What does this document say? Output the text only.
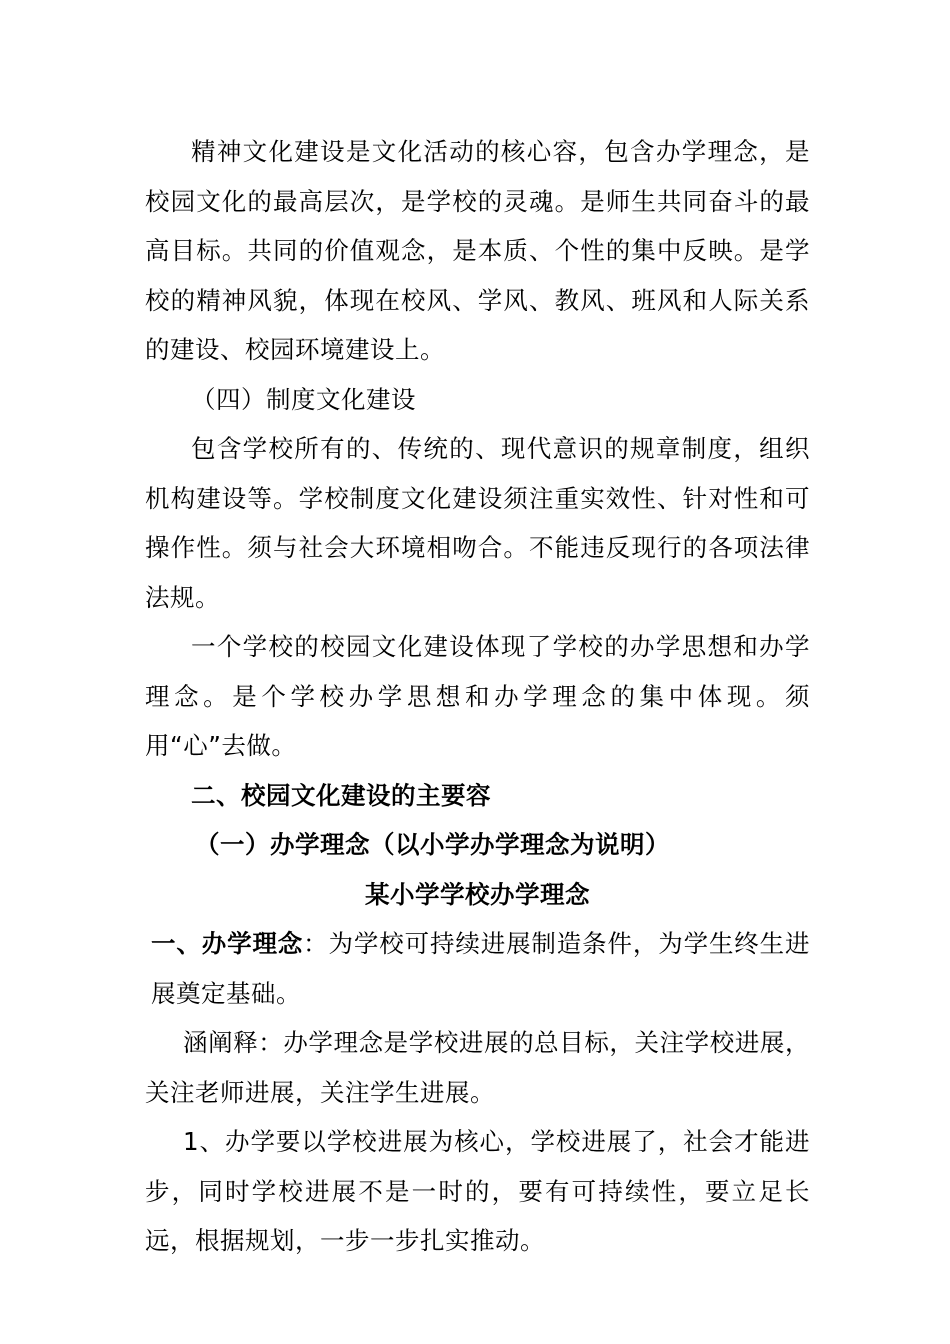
精神文化建设是文化活动的核心容，包含办学理念，是校园文化的最高层次，是学校的灵魂。是师生共同奋斗的最高目标。共同的价值观念，是本质、个性的集中反映。是学校的精神风貌，体现在校风、学风、教风、班风和人际关系的建设、校园环境建设上。

（四）制度文化建设

包含学校所有的、传统的、现代意识的规章制度，组织机构建设等。学校制度文化建设须注重实效性、针对性和可操作性。须与社会大环境相吻合。不能违反现行的各项法律法规。

一个学校的校园文化建设体现了学校的办学思想和办学理念。是个学校办学思想和办学理念的集中体现。须用“心”去做。

二、校园文化建设的主要容

（一）办学理念（以小学办学理念为说明）

某小学学校办学理念

一、办学理念：为学校可持续进展制造条件，为学生终生进展奠定基础。

涵阐释：办学理念是学校进展的总目标，关注学校进展，关注老师进展，关注学生进展。

1、办学要以学校进展为核心，学校进展了，社会才能进步，同时学校进展不是一时的，要有可持续性，要立足长远，根据规划，一步一步扎实推动。
